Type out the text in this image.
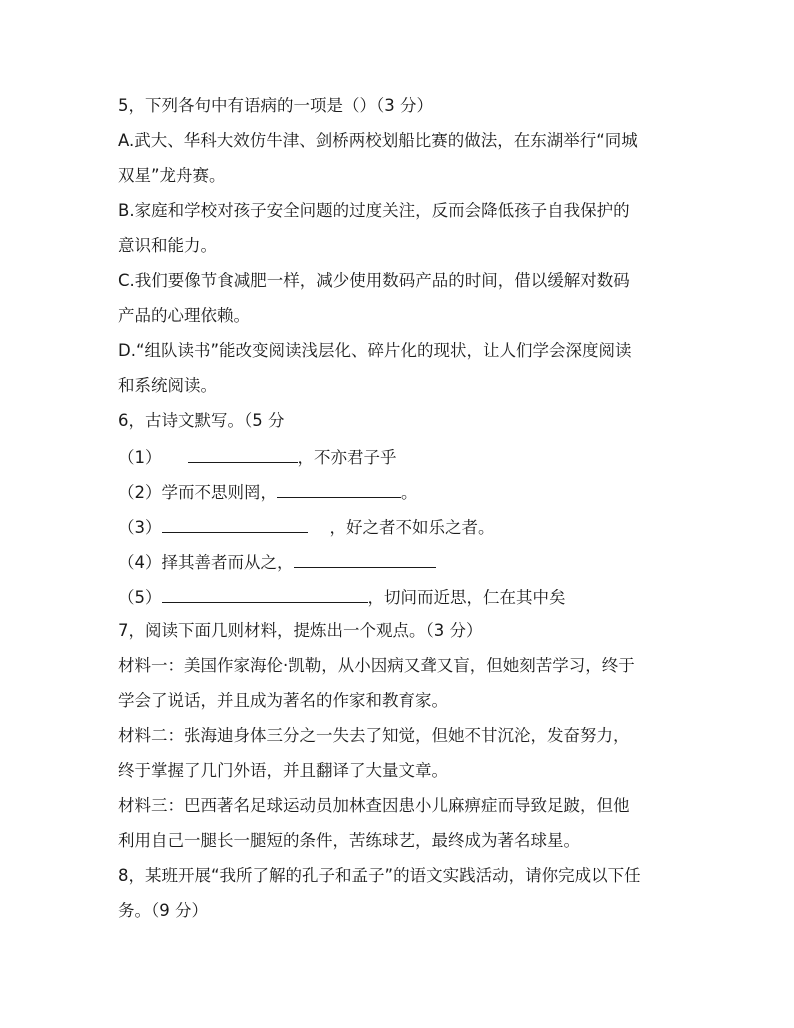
5，下列各句中有语病的一项是（）（3 分）
A.武大、华科大效仿牛津、剑桥两校划船比赛的做法，在东湖举行“同城
双星”龙舟赛。
B.家庭和学校对孩子安全问题的过度关注，反而会降低孩子自我保护的
意识和能力。
C.我们要像节食减肥一样，减少使用数码产品的时间，借以缓解对数码
产品的心理依赖。
D.“组队读书”能改变阅读浅层化、碎片化的现状，让人们学会深度阅读
和系统阅读。
6，古诗文默写。（5 分
（1）	，不亦君子乎
（2）学而不思则罔，	。
（3）	，好之者不如乐之者。
（4）择其善者而从之，
（5）	，切问而近思，仁在其中矣
7，阅读下面几则材料，提炼出一个观点。（3 分）
材料一：美国作家海伦·凯勒，从小因病又聋又盲，但她刻苦学习，终于
学会了说话，并且成为著名的作家和教育家。
材料二：张海迪身体三分之一失去了知觉，但她不甘沉沦，发奋努力，
终于掌握了几门外语，并且翻译了大量文章。
材料三：巴西著名足球运动员加林查因患小儿麻痹症而导致足跛，但他
利用自己一腿长一腿短的条件，苦练球艺，最终成为著名球星。
8，某班开展“我所了解的孔子和孟子”的语文实践活动，请你完成以下任
务。（9 分）
